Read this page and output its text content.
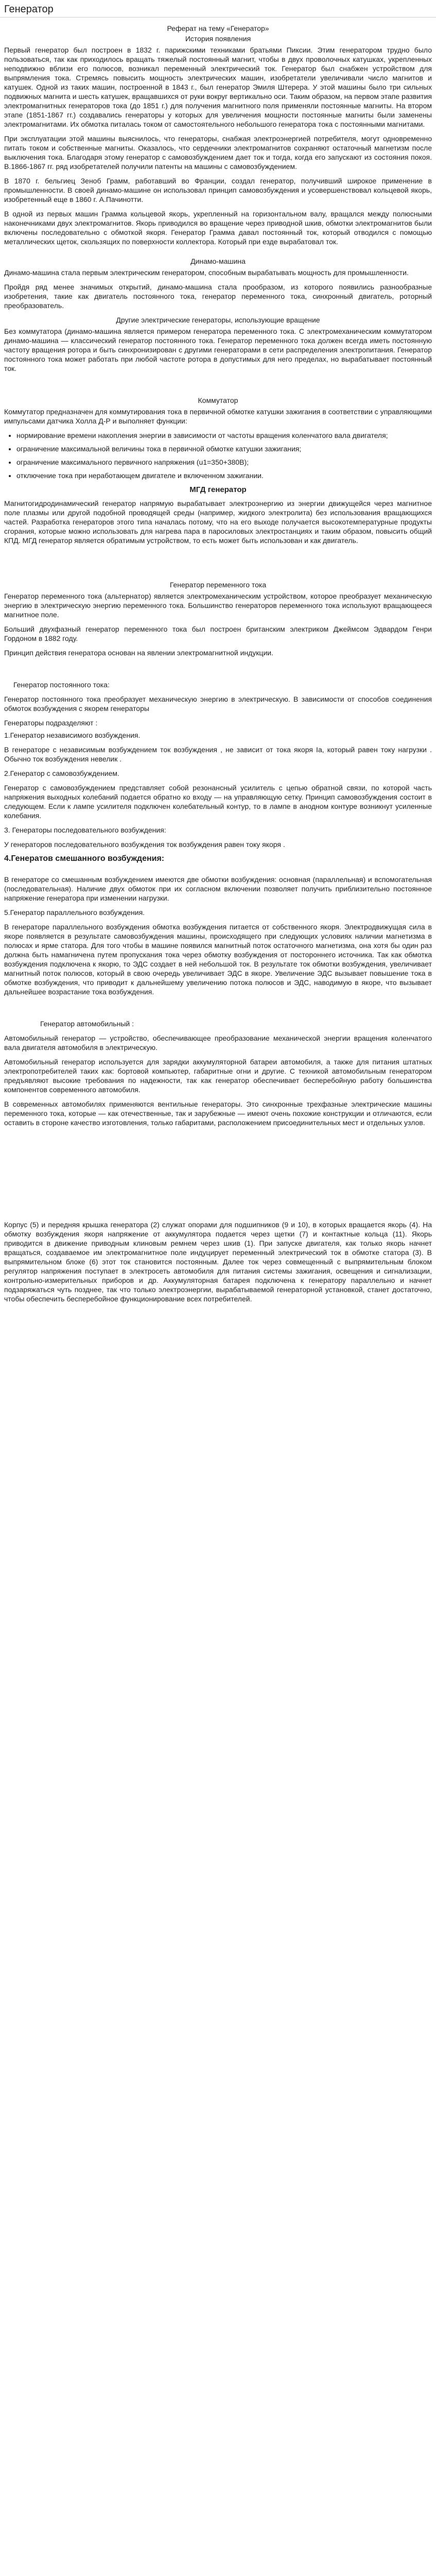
Генератор
Реферат на тему «Генератор»
История появления

Первый генератор был построен в 1832 г. парижскими техниками братьями Пиксии. Этим генератором трудно было пользоваться, так как приходилось вращать тяжелый постоянный магнит, чтобы в двух проволочных катушках, укрепленных неподвижно вблизи его полюсов, возникал переменный электрический ток. Генератор был снабжен устройством для выпрямления тока. Стремясь повысить мощность электрических машин, изобретатели увеличивали число магнитов и катушек. Одной из таких машин, построенной в 1843 г., был генератор Эмиля Штерера. У этой машины было три сильных подвижных магнита и шесть катушек, вращавшихся от руки вокруг вертикально оси. Таким образом, на первом этапе развития электромагнитных генераторов тока (до 1851 г.) для получения магнитного поля применяли постоянные магниты. На втором этапе (1851-1867 гг.) создавались генераторы у которых для увеличения мощности постоянные магниты были заменены электромагнитами. Их обмотка питалась током от самостоятельного небольшого генератора тока с постоянными магнитами.

При эксплуатации этой машины выяснилось, что генераторы, снабжая электроэнергией потребителя, могут одновременно питать током и собственные магниты. Оказалось, что сердечники электромагнитов сохраняют остаточный магнетизм после выключения тока. Благодаря этому генератор с самовозбуждением дает ток и тогда, когда его запускают из состояния покоя. В.1866-1867 гг. ряд изобретателей получили патенты на машины с самовозбуждением.

В 1870 г. бельгиец Зеноб Грамм, работавший во Франции, создал генератор, получивший широкое применение в промышленности. В своей динамо-машине он использовал принцип самовозбуждения и усовершенствовал кольцевой якорь, изобретенный еще в 1860 г. А.Пачинотти.

В одной из первых машин Грамма кольцевой якорь, укрепленный на горизонтальном валу, вращался между полюсными наконечниками двух электромагнитов. Якорь приводился во вращение через приводной шкив, обмотки электромагнитов были включены последовательно с обмоткой якоря. Генератор Грамма давал постоянный ток, который отводился с помощью металлических щеток, скользящих по поверхности коллектора. Который при езде вырабатовал ток.

Динамо-машина

Динамо-машина стала первым электрическим генератором, способным вырабатывать мощность для промышленности.

Пройдя ряд менее значимых открытий, динамо-машина стала прообразом, из которого появились разнообразные изобретения, такие как двигатель постоянного тока, генератор переменного тока, синхронный двигатель, роторный преобразователь.

Другие электрические генераторы, использующие вращение

Без коммутатора (динамо-машина является примером генератора переменного тока. С электромеханическим коммутатором динамо-машина — классический генератор постоянного тока. Генератор переменного тока должен всегда иметь постоянную частоту вращения ротора и быть синхронизирован с другими генераторами в сети распределения электропитания. Генератор постоянного тока может работать при любой частоте ротора в допустимых для него пределах, но вырабатывает постоянный ток.

Коммутатор

Коммутатор предназначен для коммутирования тока в первичной обмотке катушки зажигания в соответствии с управляющими импульсами датчика Холла Д-Р и выполняет функции:

• нормирование времени накопления энергии в зависимости от частоты вращения коленчатого вала двигателя;
• ограничение максимальной величины тока в первичной обмотке катушки зажигания;
• ограничение максимального первичного напряжения (u1=350+380В);
• отключение тока при неработающем двигателе и включенном зажигании.
МГД генератор

Магнитогидродинамический генератор напрямую вырабатывает электроэнергию из энергии движущейся через магнитное поле плазмы или другой подобной проводящей среды (например, жидкого электролита) без использования вращающихся частей. Разработка генераторов этого типа началась потому, что на его выходе получается высокотемпературные продукты сгорания, которые можно использовать для нагрева пара в паросиловых электростанциях и таким образом, повысить общий КПД. МГД генератор является обратимым устройством, то есть может быть использован и как двигатель.

Генератор переменного тока

Генератор переменного тока (альтернатор) является электромеханическим устройством, которое преобразует механическую энергию в электрическую энергию переменного тока. Большинство генераторов переменного тока используют вращающееся магнитное поле.

Больший двухфазный генератор переменного тока был построен британским электриком Джеймсом Эдвардом Генри Гордоном в 1882 году.

Принцип действия генератора основан на явлении электромагнитной индукции.

Генератор постоянного тока:

Генератор постоянного тока преобразует механическую энергию в электрическую. В зависимости от способов соединения обмоток возбуждения с якорем генераторы

Генераторы подразделяют :

1.Генератор независимого возбуждения.

В генераторе с независимым возбуждением ток возбуждения , не зависит от тока якоря Ia, который равен току нагрузки . Обычно ток возбуждения невелик .

2.Генератор с самовозбуждением.

Генератор с самовозбуждением представляет собой резонансный усилитель с цепью обратной связи, по которой часть напряжения выходных колебаний подается обратно ко входу — на управляющую сетку. Принцип самовозбуждения состоит в следующем. Если к лампе усилителя подключен колебательный контур, то в лампе в анодном контуре возникнут усиленные колебания.

3. Генераторы последовательного возбуждения:

У генераторов последовательного возбуждения ток возбуждения равен току якоря .

4.Генератов смешанного возбуждения:

В генераторе со смешанным возбуждением имеются две обмотки возбуждения: основная (параллельная) и вспомогательная (последовательная). Наличие двух обмоток при их согласном включении позволяет получить приблизительно постоянное напряжение генератора при изменении нагрузки.

5.Генератор параллельного возбуждения.

В генераторе параллельного возбуждения обмотка возбуждения питается от собственного якоря. Электродвижущая сила в якоре появляется в результате самовозбуждения машины, происходящего при следующих условиях наличии магнетизма в полюсах и ярме статора. Для того чтобы в машине появился магнитный поток остаточного магнетизма, она хотя бы один раз должна быть намагничена путем пропускания тока через обмотку возбуждения от постороннего источника. Так как обмотка возбуждения подключена к якорю, то ЭДС создает в ней небольшой ток. В результате ток обмотки возбуждения, увеличивает магнитный поток полюсов, который в свою очередь увеличивает ЭДС в якоре. Увеличение ЭДС вызывает повышение тока в обмотке возбуждения, что приводит к дальнейшему увеличению потока полюсов и ЭДС, наводимую в якоре, что вызывает дальнейшее возрастание тока возбуждения.

Генератор автомобильный :

Автомобильный генератор — устройство, обеспечивающее преобразование механической энергии вращения коленчатого вала двигателя автомобиля в электрическую.

Автомобильный генератор используется для зарядки аккумуляторной батареи автомобиля, а также для питания штатных электропотребителей таких как: бортовой компьютер, габаритные огни и другие. С техникой автомобильным генератором предъявляют высокие требования по надежности, так как генератор обеспечивает бесперебойную работу большинства компонентов современного автомобиля.

В современных автомобилях применяются вентильные генераторы. Это синхронные трехфазные электрические машины переменного тока, которые — как отечественные, так и зарубежные — имеют очень похожие конструкции и отличаются, если оставить в стороне качество изготовления, только габаритами, расположением присоединительных мест и отдельных узлов.

Корпус (5) и передняя крышка генератора (2) служат опорами для подшипников (9 и 10), в которых вращается якорь (4). На обмотку возбуждения якоря напряжение от аккумулятора подается через щетки (7) и контактные кольца (11). Якорь приводится в движение приводным клиновым ремнем через шкив (1). При запуске двигателя, как только якорь начнет вращаться, создаваемое им электромагнитное поле индуцирует переменный электрический ток в обмотке статора (3). В выпрямительном блоке (6) этот ток становится постоянным. Далее ток через совмещенный с выпрямительным блоком регулятор напряжения поступает в электросеть автомобиля для питания системы зажигания, освещения и сигнализации, контрольно-измерительных приборов и др. Аккумуляторная батарея подключена к генератору параллельно и начнет подзаряжаться чуть позднее, так что только электроэнергии, вырабатываемой генераторной установкой, станет достаточно, чтобы обеспечить бесперебойное функционирование всех потребителей.
